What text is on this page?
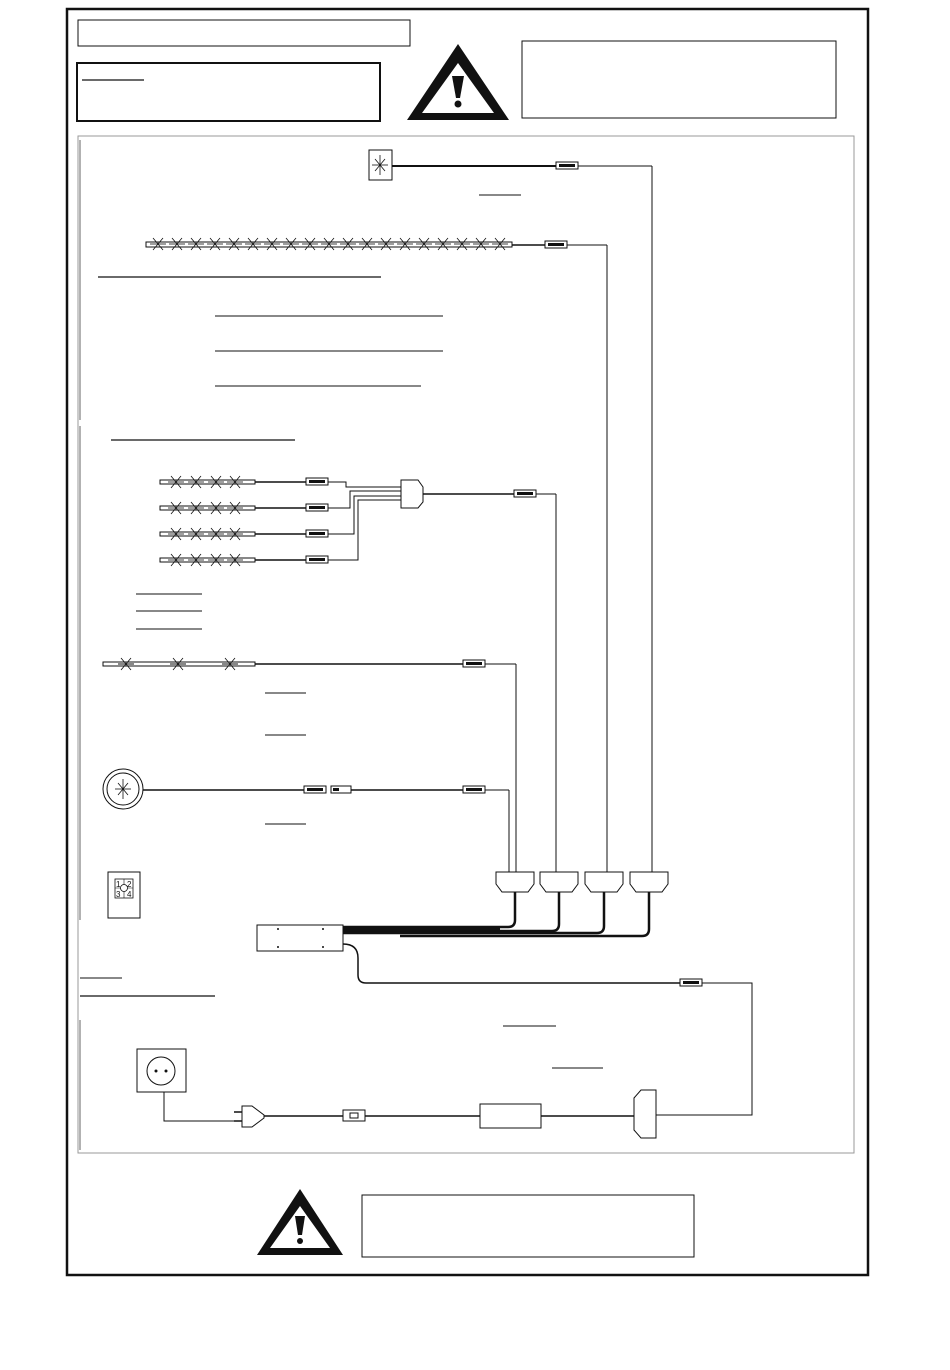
1 2
3 4
